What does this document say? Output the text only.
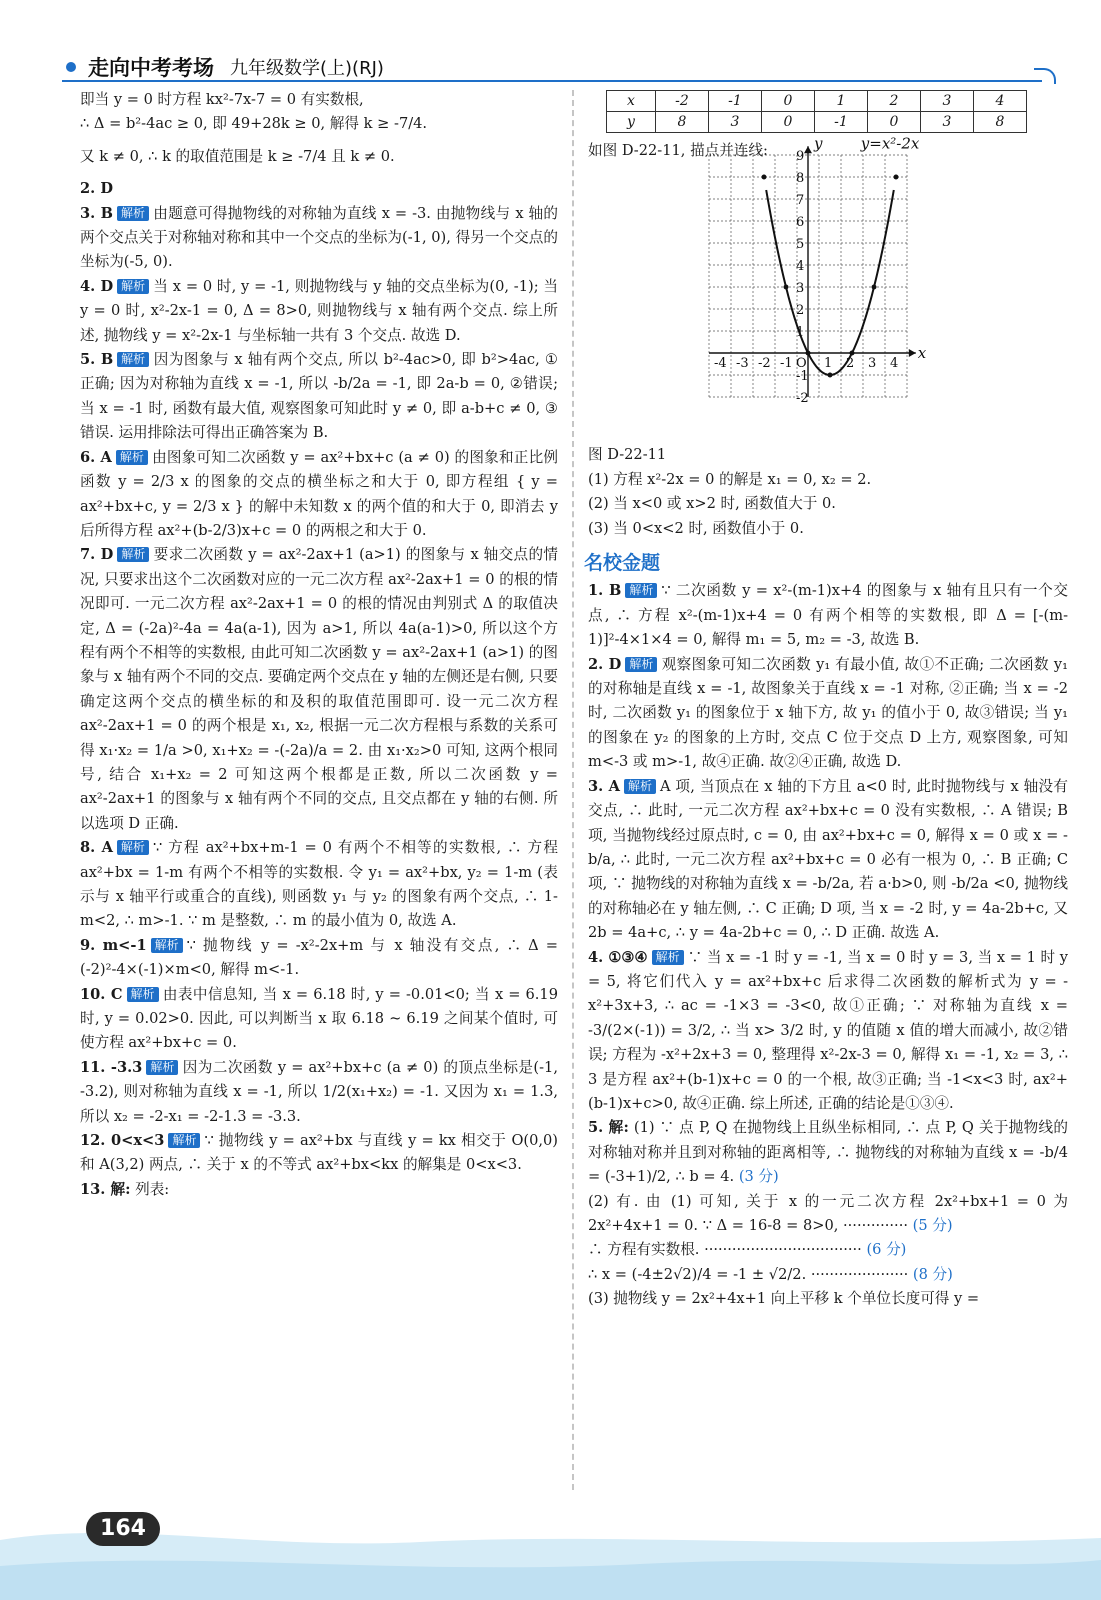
走向中考考场 九年级数学(上)(RJ)

即当 y = 0 时方程 kx²-7x-7 = 0 有实数根,

∴ Δ = b²-4ac ≥ 0, 即 49+28k ≥ 0, 解得 k ≥ -7/4.

又 k ≠ 0, ∴ k 的取值范围是 k ≥ -7/4 且 k ≠ 0.

2. D

3. B 解析 由题意可得抛物线的对称轴为直线 x = -3. 由抛物线与 x 轴的两个交点关于对称轴对称和其中一个交点的坐标为(-1, 0), 得另一个交点的坐标为(-5, 0).

4. D 解析 当 x = 0 时, y = -1, 则抛物线与 y 轴的交点坐标为(0, -1); 当 y = 0 时, x²-2x-1 = 0, Δ = 8>0, 则抛物线与 x 轴有两个交点. 综上所述, 抛物线 y = x²-2x-1 与坐标轴一共有 3 个交点. 故选 D.

5. B 解析 因为图象与 x 轴有两个交点, 所以 b²-4ac>0, 即 b²>4ac, ①正确; 因为对称轴为直线 x = -1, 所以 -b/2a = -1, 即 2a-b = 0, ②错误; 当 x = -1 时, 函数有最大值, 观察图象可知此时 y ≠ 0, 即 a-b+c ≠ 0, ③错误. 运用排除法可得出正确答案为 B.

6. A 解析 由图象可知二次函数 y = ax²+bx+c (a ≠ 0) 的图象和正比例函数 y = 2/3 x 的图象的交点的横坐标之和大于 0, 即方程组 { y = ax²+bx+c, y = 2/3 x } 的解中未知数 x 的两个值的和大于 0, 即消去 y 后所得方程 ax²+(b-2/3)x+c = 0 的两根之和大于 0.

7. D 解析 要求二次函数 y = ax²-2ax+1 (a>1) 的图象与 x 轴交点的情况, 只要求出这个二次函数对应的一元二次方程 ax²-2ax+1 = 0 的根的情况即可. 一元二次方程 ax²-2ax+1 = 0 的根的情况由判别式 Δ 的取值决定, Δ = (-2a)²-4a = 4a(a-1), 因为 a>1, 所以 4a(a-1)>0, 所以这个方程有两个不相等的实数根, 由此可知二次函数 y = ax²-2ax+1 (a>1) 的图象与 x 轴有两个不同的交点. 要确定两个交点在 y 轴的左侧还是右侧, 只要确定这两个交点的横坐标的和及积的取值范围即可. 设一元二次方程 ax²-2ax+1 = 0 的两个根是 x₁, x₂, 根据一元二次方程根与系数的关系可得 x₁·x₂ = 1/a >0, x₁+x₂ = -(-2a)/a = 2. 由 x₁·x₂>0 可知, 这两个根同号, 结合 x₁+x₂ = 2 可知这两个根都是正数, 所以二次函数 y = ax²-2ax+1 的图象与 x 轴有两个不同的交点, 且交点都在 y 轴的右侧. 所以选项 D 正确.

8. A 解析 ∵ 方程 ax²+bx+m-1 = 0 有两个不相等的实数根, ∴ 方程 ax²+bx = 1-m 有两个不相等的实数根. 令 y₁ = ax²+bx, y₂ = 1-m (表示与 x 轴平行或重合的直线), 则函数 y₁ 与 y₂ 的图象有两个交点, ∴ 1-m<2, ∴ m>-1. ∵ m 是整数, ∴ m 的最小值为 0, 故选 A.

9. m<-1 解析 ∵ 抛物线 y = -x²-2x+m 与 x 轴没有交点, ∴ Δ = (-2)²-4×(-1)×m<0, 解得 m<-1.

10. C 解析 由表中信息知, 当 x = 6.18 时, y = -0.01<0; 当 x = 6.19 时, y = 0.02>0. 因此, 可以判断当 x 取 6.18 ~ 6.19 之间某个值时, 可使方程 ax²+bx+c = 0.

11. -3.3 解析 因为二次函数 y = ax²+bx+c (a ≠ 0) 的顶点坐标是(-1, -3.2), 则对称轴为直线 x = -1, 所以 1/2(x₁+x₂) = -1. 又因为 x₁ = 1.3, 所以 x₂ = -2-x₁ = -2-1.3 = -3.3.

12. 0<x<3 解析 ∵ 抛物线 y = ax²+bx 与直线 y = kx 相交于 O(0,0) 和 A(3,2) 两点, ∴ 关于 x 的不等式 ax²+bx<kx 的解集是 0<x<3.

13. 解: 列表:

x	-2	-1	0	1	2	3	4
y	8	3	0	-1	0	3	8

如图 D-22-11, 描点并连线:

-4 -3 -2 -1 O 1 2 3 4
9
8
7
6
5
4
3
2
1
-1
-2
y=x²-2x
x
y

图 D-22-11

(1) 方程 x²-2x = 0 的解是 x₁ = 0, x₂ = 2.

(2) 当 x<0 或 x>2 时, 函数值大于 0.

(3) 当 0<x<2 时, 函数值小于 0.

名校金题

1. B 解析 ∵ 二次函数 y = x²-(m-1)x+4 的图象与 x 轴有且只有一个交点, ∴ 方程 x²-(m-1)x+4 = 0 有两个相等的实数根, 即 Δ = [-(m-1)]²-4×1×4 = 0, 解得 m₁ = 5, m₂ = -3, 故选 B.

2. D 解析 观察图象可知二次函数 y₁ 有最小值, 故①不正确; 二次函数 y₁ 的对称轴是直线 x = -1, 故图象关于直线 x = -1 对称, ②正确; 当 x = -2 时, 二次函数 y₁ 的图象位于 x 轴下方, 故 y₁ 的值小于 0, 故③错误; 当 y₁ 的图象在 y₂ 的图象的上方时, 交点 C 位于交点 D 上方, 观察图象, 可知 m<-3 或 m>-1, 故④正确. 故②④正确, 故选 D.

3. A 解析 A 项, 当顶点在 x 轴的下方且 a<0 时, 此时抛物线与 x 轴没有交点, ∴ 此时, 一元二次方程 ax²+bx+c = 0 没有实数根, ∴ A 错误; B 项, 当抛物线经过原点时, c = 0, 由 ax²+bx+c = 0, 解得 x = 0 或 x = -b/a, ∴ 此时, 一元二次方程 ax²+bx+c = 0 必有一根为 0, ∴ B 正确; C 项, ∵ 抛物线的对称轴为直线 x = -b/2a, 若 a·b>0, 则 -b/2a <0, 抛物线的对称轴必在 y 轴左侧, ∴ C 正确; D 项, 当 x = -2 时, y = 4a-2b+c, 又 2b = 4a+c, ∴ y = 4a-2b+c = 0, ∴ D 正确. 故选 A.

4. ①③④ 解析 ∵ 当 x = -1 时 y = -1, 当 x = 0 时 y = 3, 当 x = 1 时 y = 5, 将它们代入 y = ax²+bx+c 后求得二次函数的解析式为 y = -x²+3x+3, ∴ ac = -1×3 = -3<0, 故①正确; ∵ 对称轴为直线 x = -3/(2×(-1)) = 3/2, ∴ 当 x> 3/2 时, y 的值随 x 值的增大而减小, 故②错误; 方程为 -x²+2x+3 = 0, 整理得 x²-2x-3 = 0, 解得 x₁ = -1, x₂ = 3, ∴ 3 是方程 ax²+(b-1)x+c = 0 的一个根, 故③正确; 当 -1<x<3 时, ax²+(b-1)x+c>0, 故④正确. 综上所述, 正确的结论是①③④.

5. 解: (1) ∵ 点 P, Q 在抛物线上且纵坐标相同, ∴ 点 P, Q 关于抛物线的对称轴对称并且到对称轴的距离相等, ∴ 抛物线的对称轴为直线 x = -b/4 = (-3+1)/2, ∴ b = 4. (3 分)

(2) 有. 由 (1) 可知, 关于 x 的一元二次方程 2x²+bx+1 = 0 为 2x²+4x+1 = 0. ∵ Δ = 16-8 = 8>0, ·············· (5 分)

∴ 方程有实数根. ·································· (6 分)

∴ x = (-4±2√2)/4 = -1 ± √2/2. ····················· (8 分)

(3) 抛物线 y = 2x²+4x+1 向上平移 k 个单位长度可得 y =

164
